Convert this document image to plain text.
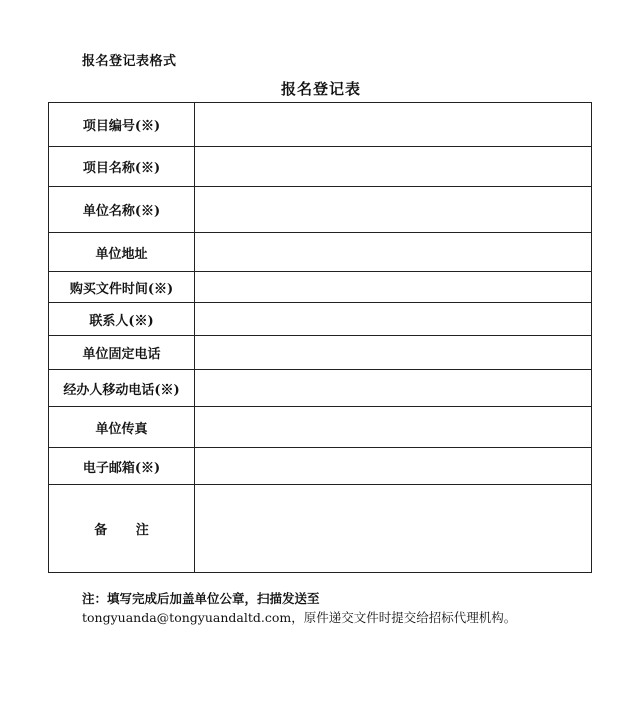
报名登记表格式
报名登记表
项目编号(※)	
项目名称(※)	
单位名称(※)	
单位地址	
购买文件时间(※)	
联系人(※)	
单位固定电话	
经办人移动电话(※)	
单位传真	
电子邮箱(※)	
备 注	
注：填写完成后加盖单位公章，扫描发送至
tongyuanda@tongyuandaltd.com，原件递交文件时提交给招标代理机构。
